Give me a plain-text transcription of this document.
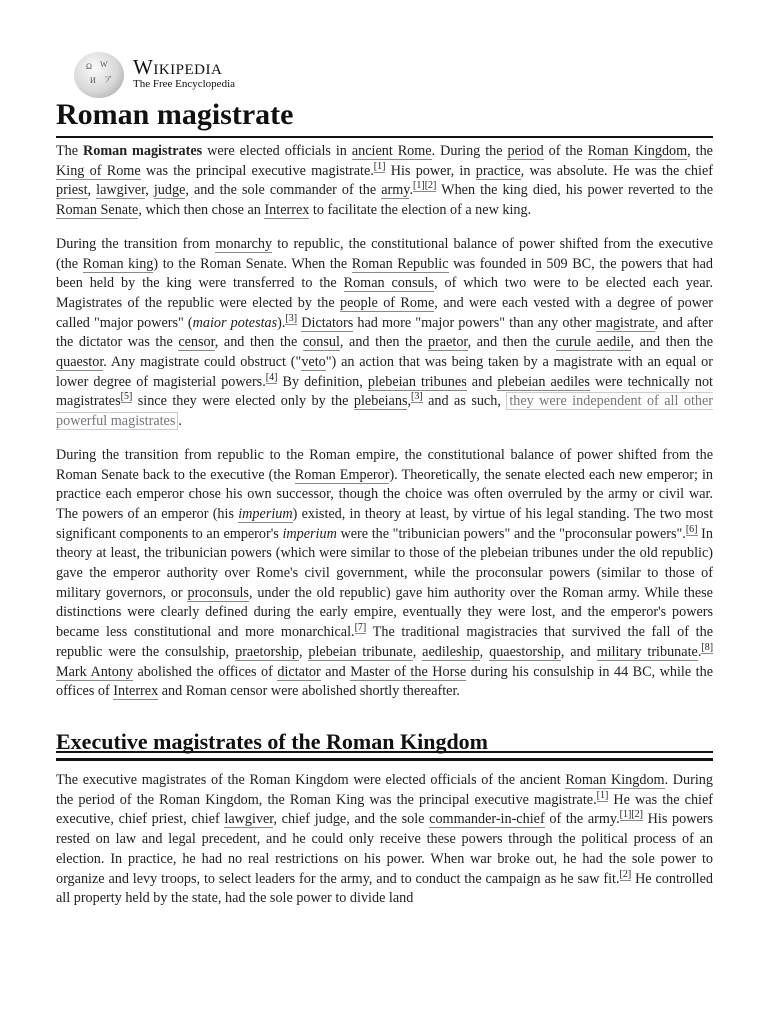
Ω W
И ア
Wikipedia
The Free Encyclopedia
Roman magistrate

The Roman magistrates were elected officials in ancient Rome. During the period of the Roman Kingdom, the King of Rome was the principal executive magistrate.[1] His power, in practice, was absolute. He was the chief priest, lawgiver, judge, and the sole commander of the army.[1][2] When the king died, his power reverted to the Roman Senate, which then chose an Interrex to facilitate the election of a new king.

During the transition from monarchy to republic, the constitutional balance of power shifted from the executive (the Roman king) to the Roman Senate. When the Roman Republic was founded in 509 BC, the powers that had been held by the king were transferred to the Roman consuls, of which two were to be elected each year. Magistrates of the republic were elected by the people of Rome, and were each vested with a degree of power called "major powers" (maior potestas).[3] Dictators had more "major powers" than any other magistrate, and after the dictator was the censor, and then the consul, and then the praetor, and then the curule aedile, and then the quaestor. Any magistrate could obstruct ("veto") an action that was being taken by a magistrate with an equal or lower degree of magisterial powers.[4] By definition, plebeian tribunes and plebeian aediles were technically not magistrates[5] since they were elected only by the plebeians,[3] and as such, they were independent of all other powerful magistrates .

During the transition from republic to the Roman empire, the constitutional balance of power shifted from the Roman Senate back to the executive (the Roman Emperor). Theoretically, the senate elected each new emperor; in practice each emperor chose his own successor, though the choice was often overruled by the army or civil war. The powers of an emperor (his imperium) existed, in theory at least, by virtue of his legal standing. The two most significant components to an emperor's imperium were the "tribunician powers" and the "proconsular powers".[6] In theory at least, the tribunician powers (which were similar to those of the plebeian tribunes under the old republic) gave the emperor authority over Rome's civil government, while the proconsular powers (similar to those of military governors, or proconsuls, under the old republic) gave him authority over the Roman army. While these distinctions were clearly defined during the early empire, eventually they were lost, and the emperor's powers became less constitutional and more monarchical.[7] The traditional magistracies that survived the fall of the republic were the consulship, praetorship, plebeian tribunate, aedileship, quaestorship, and military tribunate.[8] Mark Antony abolished the offices of dictator and Master of the Horse during his consulship in 44 BC, while the offices of Interrex and Roman censor were abolished shortly thereafter.

Executive magistrates of the Roman Kingdom

The executive magistrates of the Roman Kingdom were elected officials of the ancient Roman Kingdom. During the period of the Roman Kingdom, the Roman King was the principal executive magistrate.[1] He was the chief executive, chief priest, chief lawgiver, chief judge, and the sole commander-in-chief of the army.[1][2] His powers rested on law and legal precedent, and he could only receive these powers through the political process of an election. In practice, he had no real restrictions on his power. When war broke out, he had the sole power to organize and levy troops, to select leaders for the army, and to conduct the campaign as he saw fit.[2] He controlled all property held by the state, had the sole power to divide land
